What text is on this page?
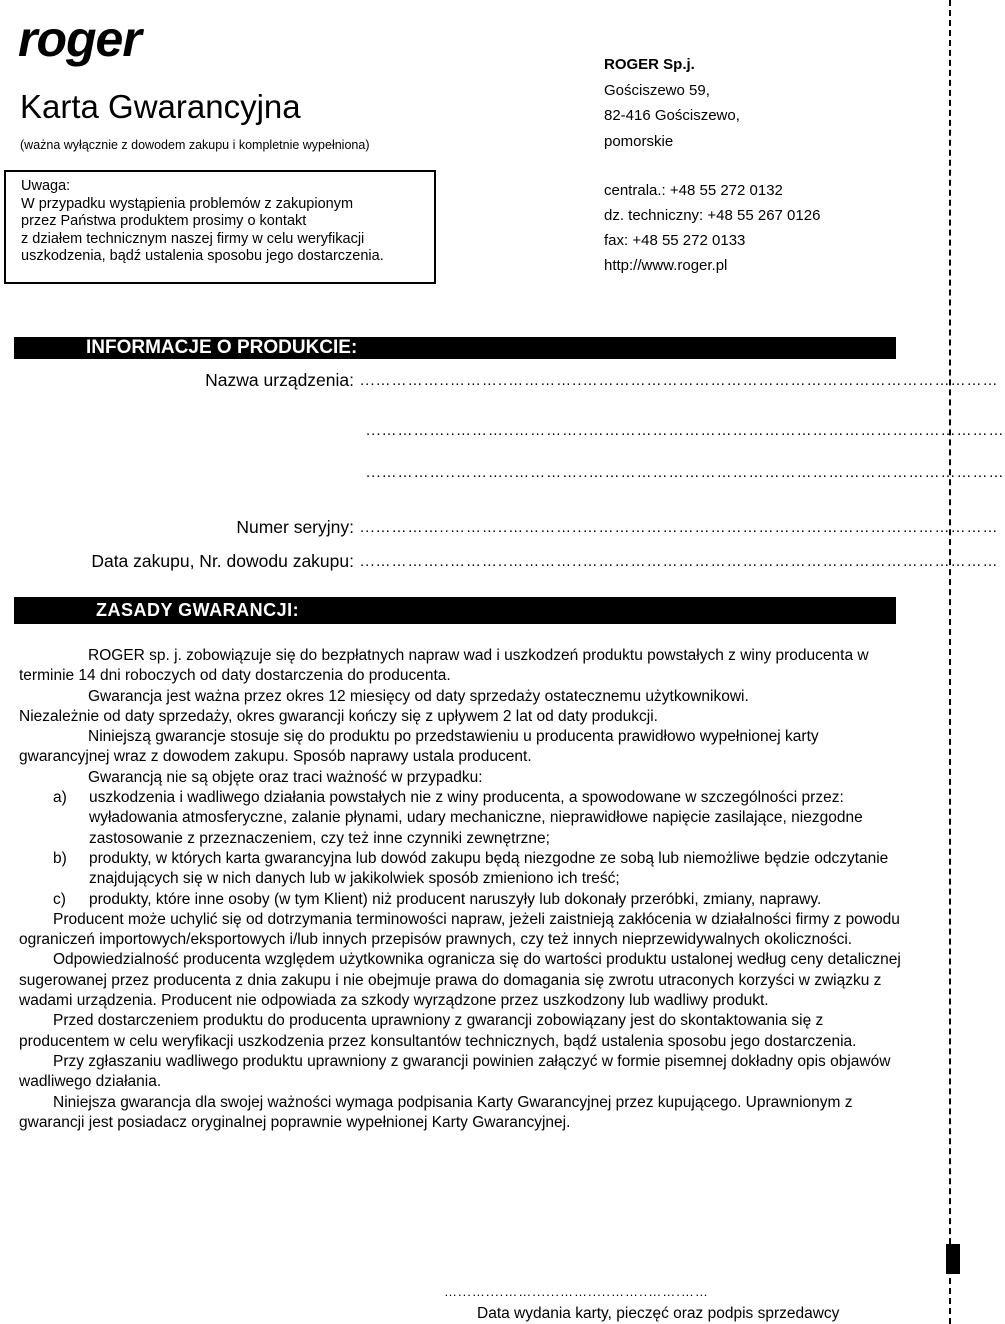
roger
Karta Gwarancyjna
(ważna wyłącznie z dowodem zakupu i kompletnie wypełniona)
Uwaga:
W przypadku wystąpienia problemów z zakupionym
przez Państwa produktem prosimy o kontakt
z działem technicznym naszej firmy w celu weryfikacji
uszkodzenia, bądź ustalenia sposobu jego dostarczenia.
ROGER Sp.j.
Gościszewo 59,
82-416 Gościszewo,
pomorskie
centrala.: +48 55 272 0132
dz. techniczny: +48 55 267 0126
fax: +48 55 272 0133
http://www.roger.pl
INFORMACJE O PRODUKCIE:
Nazwa urządzenia: ...…………..………..…………..……………………………………………………………………
...…………..………..…………..……………………………………………………………………
...…………..………..…………..……………………………………………………………………
Numer seryjny: ...…………..………..…………..……………………………………………………………………
Data zakupu, Nr. dowodu zakupu: ...…………..………..…………..……………………………………………………………………
ZASADY GWARANCJI:

ROGER sp. j. zobowiązuje się do bezpłatnych napraw wad i uszkodzeń produktu powstałych z winy producenta w terminie 14 dni roboczych od daty dostarczenia do producenta.

Gwarancja jest ważna przez okres 12 miesięcy od daty sprzedaży ostatecznemu użytkownikowi.

Niezależnie od daty sprzedaży, okres gwarancji kończy się z upływem 2 lat od daty produkcji.

Niniejszą gwarancje stosuje się do produktu po przedstawieniu u producenta prawidłowo wypełnionej karty gwarancyjnej wraz z dowodem zakupu. Sposób naprawy ustala producent.

Gwarancją nie są objęte oraz traci ważność w przypadku:

a)	uszkodzenia i wadliwego działania powstałych nie z winy producenta, a spowodowane w szczególności przez: wyładowania atmosferyczne, zalanie płynami, udary mechaniczne, nieprawidłowe napięcie zasilające, niezgodne zastosowanie z przeznaczeniem, czy też inne czynniki zewnętrzne;
b)	produkty, w których karta gwarancyjna lub dowód zakupu będą niezgodne ze sobą lub niemożliwe będzie odczytanie znajdujących się w nich danych lub w jakikolwiek sposób zmieniono ich treść;
c)	produkty, które inne osoby (w tym Klient) niż producent naruszyły lub dokonały przeróbki, zmiany, naprawy.

Producent może uchylić się od dotrzymania terminowości napraw, jeżeli zaistnieją zakłócenia w działalności firmy z powodu ograniczeń importowych/eksportowych i/lub innych przepisów prawnych, czy też innych nieprzewidywalnych okoliczności.

Odpowiedzialność producenta względem użytkownika ogranicza się do wartości produktu ustalonej według ceny detalicznej sugerowanej przez producenta z dnia zakupu i nie obejmuje prawa do domagania się zwrotu utraconych korzyści w związku z wadami urządzenia. Producent nie odpowiada za szkody wyrządzone przez uszkodzony lub wadliwy produkt.

Przed dostarczeniem produktu do producenta uprawniony z gwarancji zobowiązany jest do skontaktowania się z producentem w celu weryfikacji uszkodzenia przez konsultantów technicznych, bądź ustalenia sposobu jego dostarczenia.

Przy zgłaszaniu wadliwego produktu uprawniony z gwarancji powinien załączyć w formie pisemnej dokładny opis objawów wadliwego działania.

Niniejsza gwarancja dla swojej ważności wymaga podpisania Karty Gwarancyjnej przez kupującego. Uprawnionym z gwarancji jest posiadacz oryginalnej poprawnie wypełnionej Karty Gwarancyjnej.

…...…....……......…….....……..…….……
Data wydania karty, pieczęć oraz podpis sprzedawcy
